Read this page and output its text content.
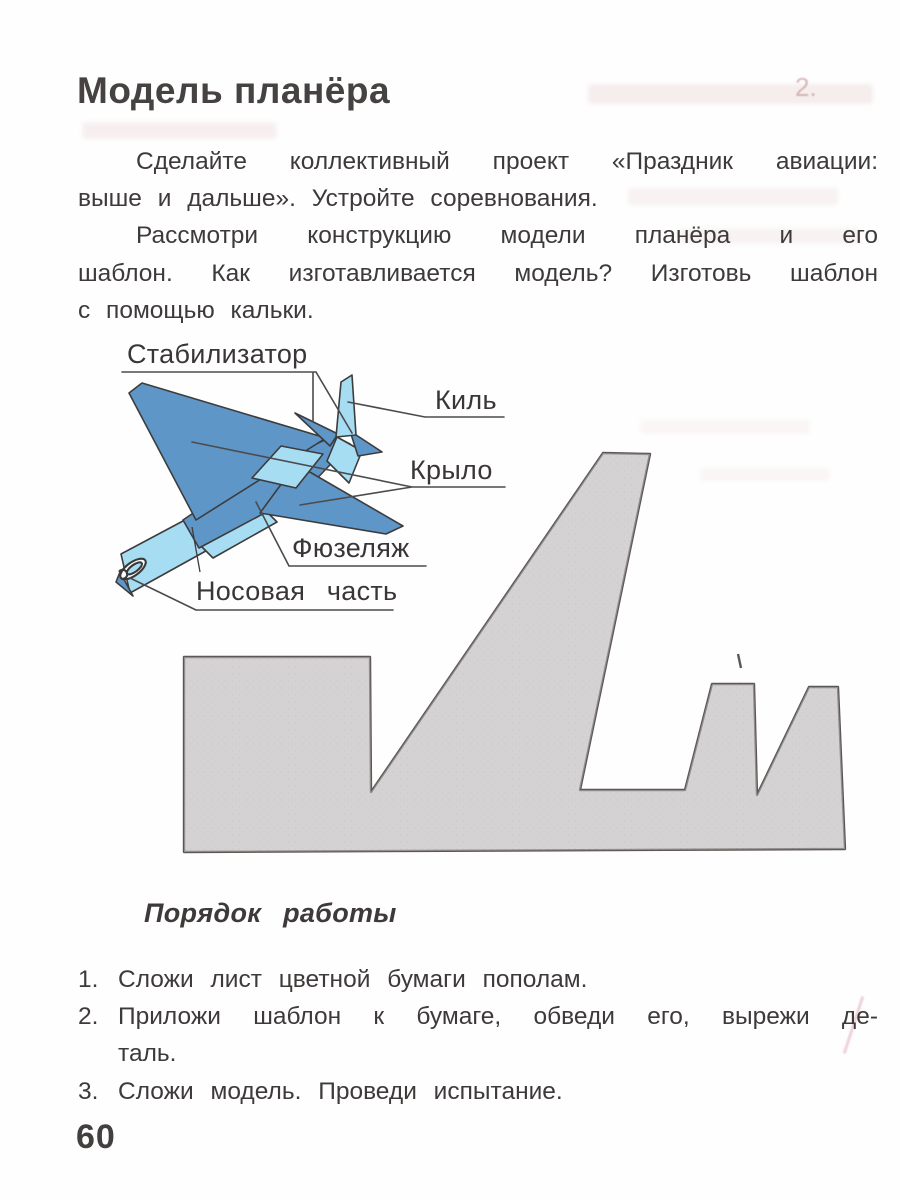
2.
Модель планёра
Сделайте коллективный проект «Праздник авиации:
выше и дальше». Устройте соревнования.
Рассмотри конструкцию модели планёра и его
шаблон. Как изготавливается модель? Изготовь шаблон
с помощью кальки.
Стабилизатор
Киль
Крыло
Фюзеляж
Носовая часть
Порядок работы
1. Сложи лист цветной бумаги пополам.
2. Приложи шаблон к бумаге, обведи его, вырежи де-
таль.
3. Сложи модель. Проведи испытание.
60
